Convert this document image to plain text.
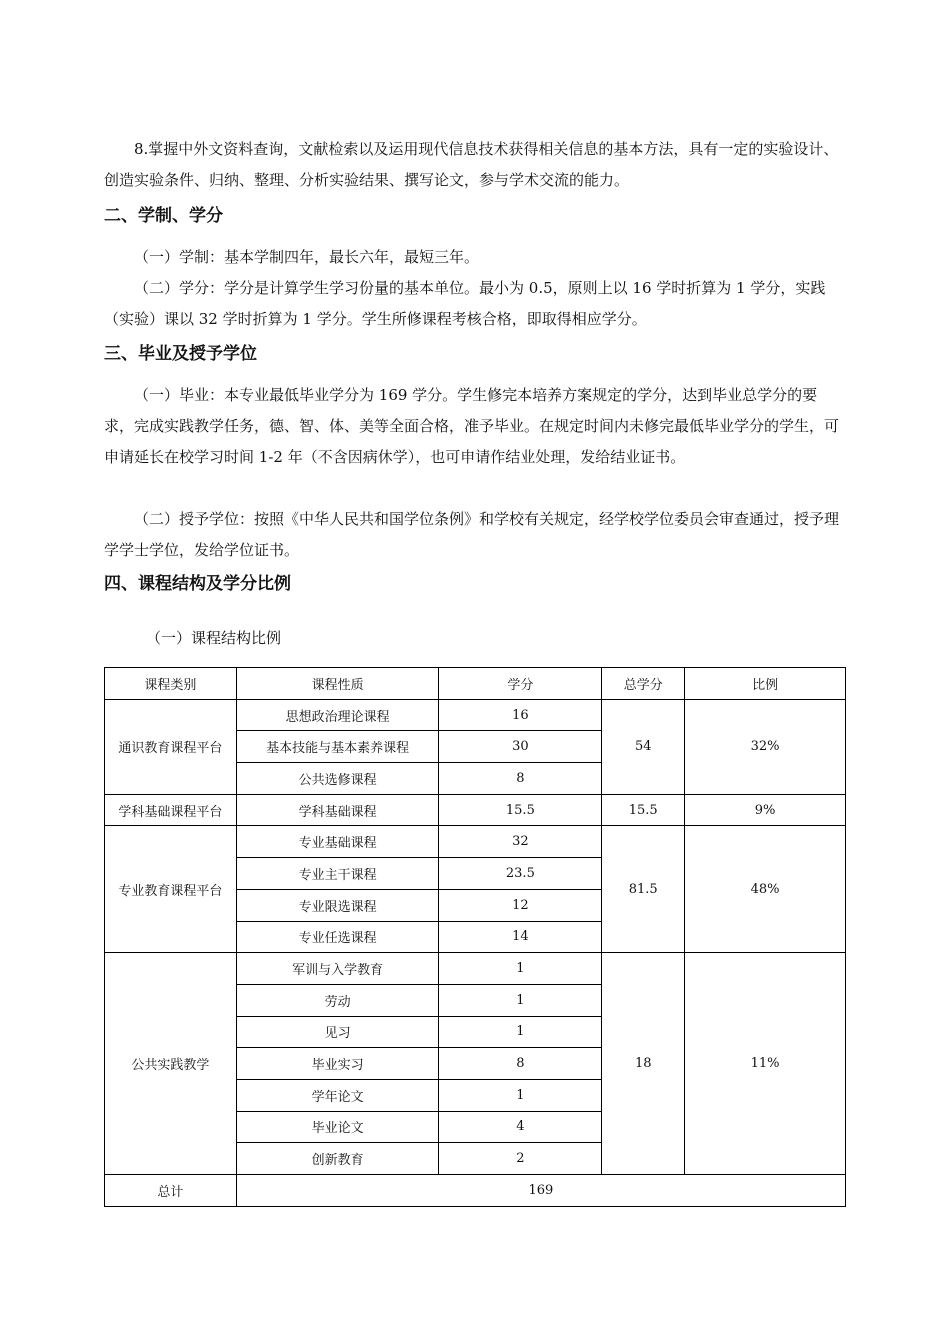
8.掌握中外文资料查询，文献检索以及运用现代信息技术获得相关信息的基本方法，具有一定的实验设计、创造实验条件、归纳、整理、分析实验结果、撰写论文，参与学术交流的能力。
二、学制、学分
（一）学制：基本学制四年，最长六年，最短三年。
（二）学分：学分是计算学生学习份量的基本单位。最小为 0.5，原则上以 16 学时折算为 1 学分，实践（实验）课以 32 学时折算为 1 学分。学生所修课程考核合格，即取得相应学分。
三、毕业及授予学位
（一）毕业：本专业最低毕业学分为 169 学分。学生修完本培养方案规定的学分，达到毕业总学分的要求，完成实践教学任务，德、智、体、美等全面合格，准予毕业。在规定时间内未修完最低毕业学分的学生，可申请延长在校学习时间 1-2 年（不含因病休学），也可申请作结业处理，发给结业证书。
（二）授予学位：按照《中华人民共和国学位条例》和学校有关规定，经学校学位委员会审查通过，授予理学学士学位，发给学位证书。
四、课程结构及学分比例
（一）课程结构比例
课程类别	课程性质	学分	总学分	比例
通识教育课程平台	思想政治理论课程	16	54	32%
	基本技能与基本素养课程	30		
	公共选修课程	8		
学科基础课程平台	学科基础课程	15.5	15.5	9%
专业教育课程平台	专业基础课程	32	81.5	48%
	专业主干课程	23.5		
	专业限选课程	12		
	专业任选课程	14		
公共实践教学	军训与入学教育	1	18	11%
	劳动	1		
	见习	1		
	毕业实习	8		
	学年论文	1		
	毕业论文	4		
	创新教育	2		
总计	169			
